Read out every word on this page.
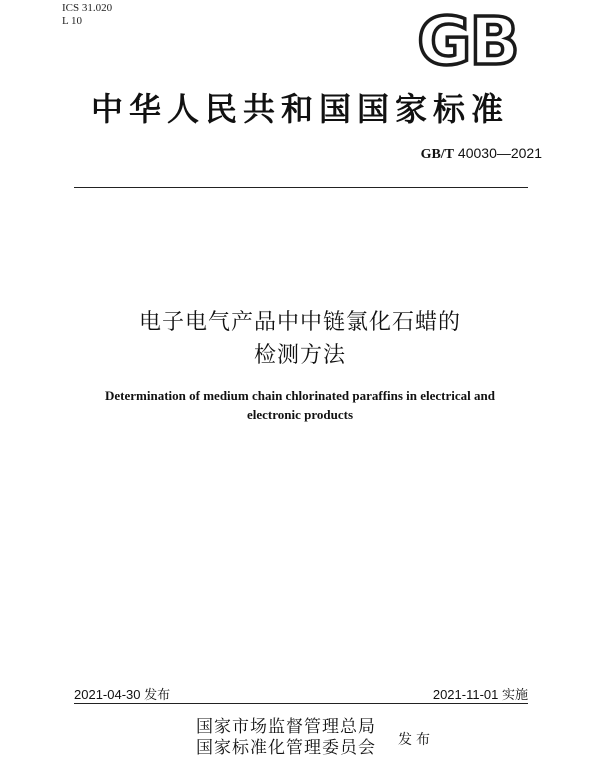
ICS 31.020
L 10	GB
中华人民共和国国家标准
GB/T 40030—2021
电子电气产品中中链氯化石蜡的
检测方法
Determination of medium chain chlorinated paraffins in electrical and
electronic products
2021-04-30 发布	2021-11-01 实施
国家市场监督管理总局
国家标准化管理委员会 发布
